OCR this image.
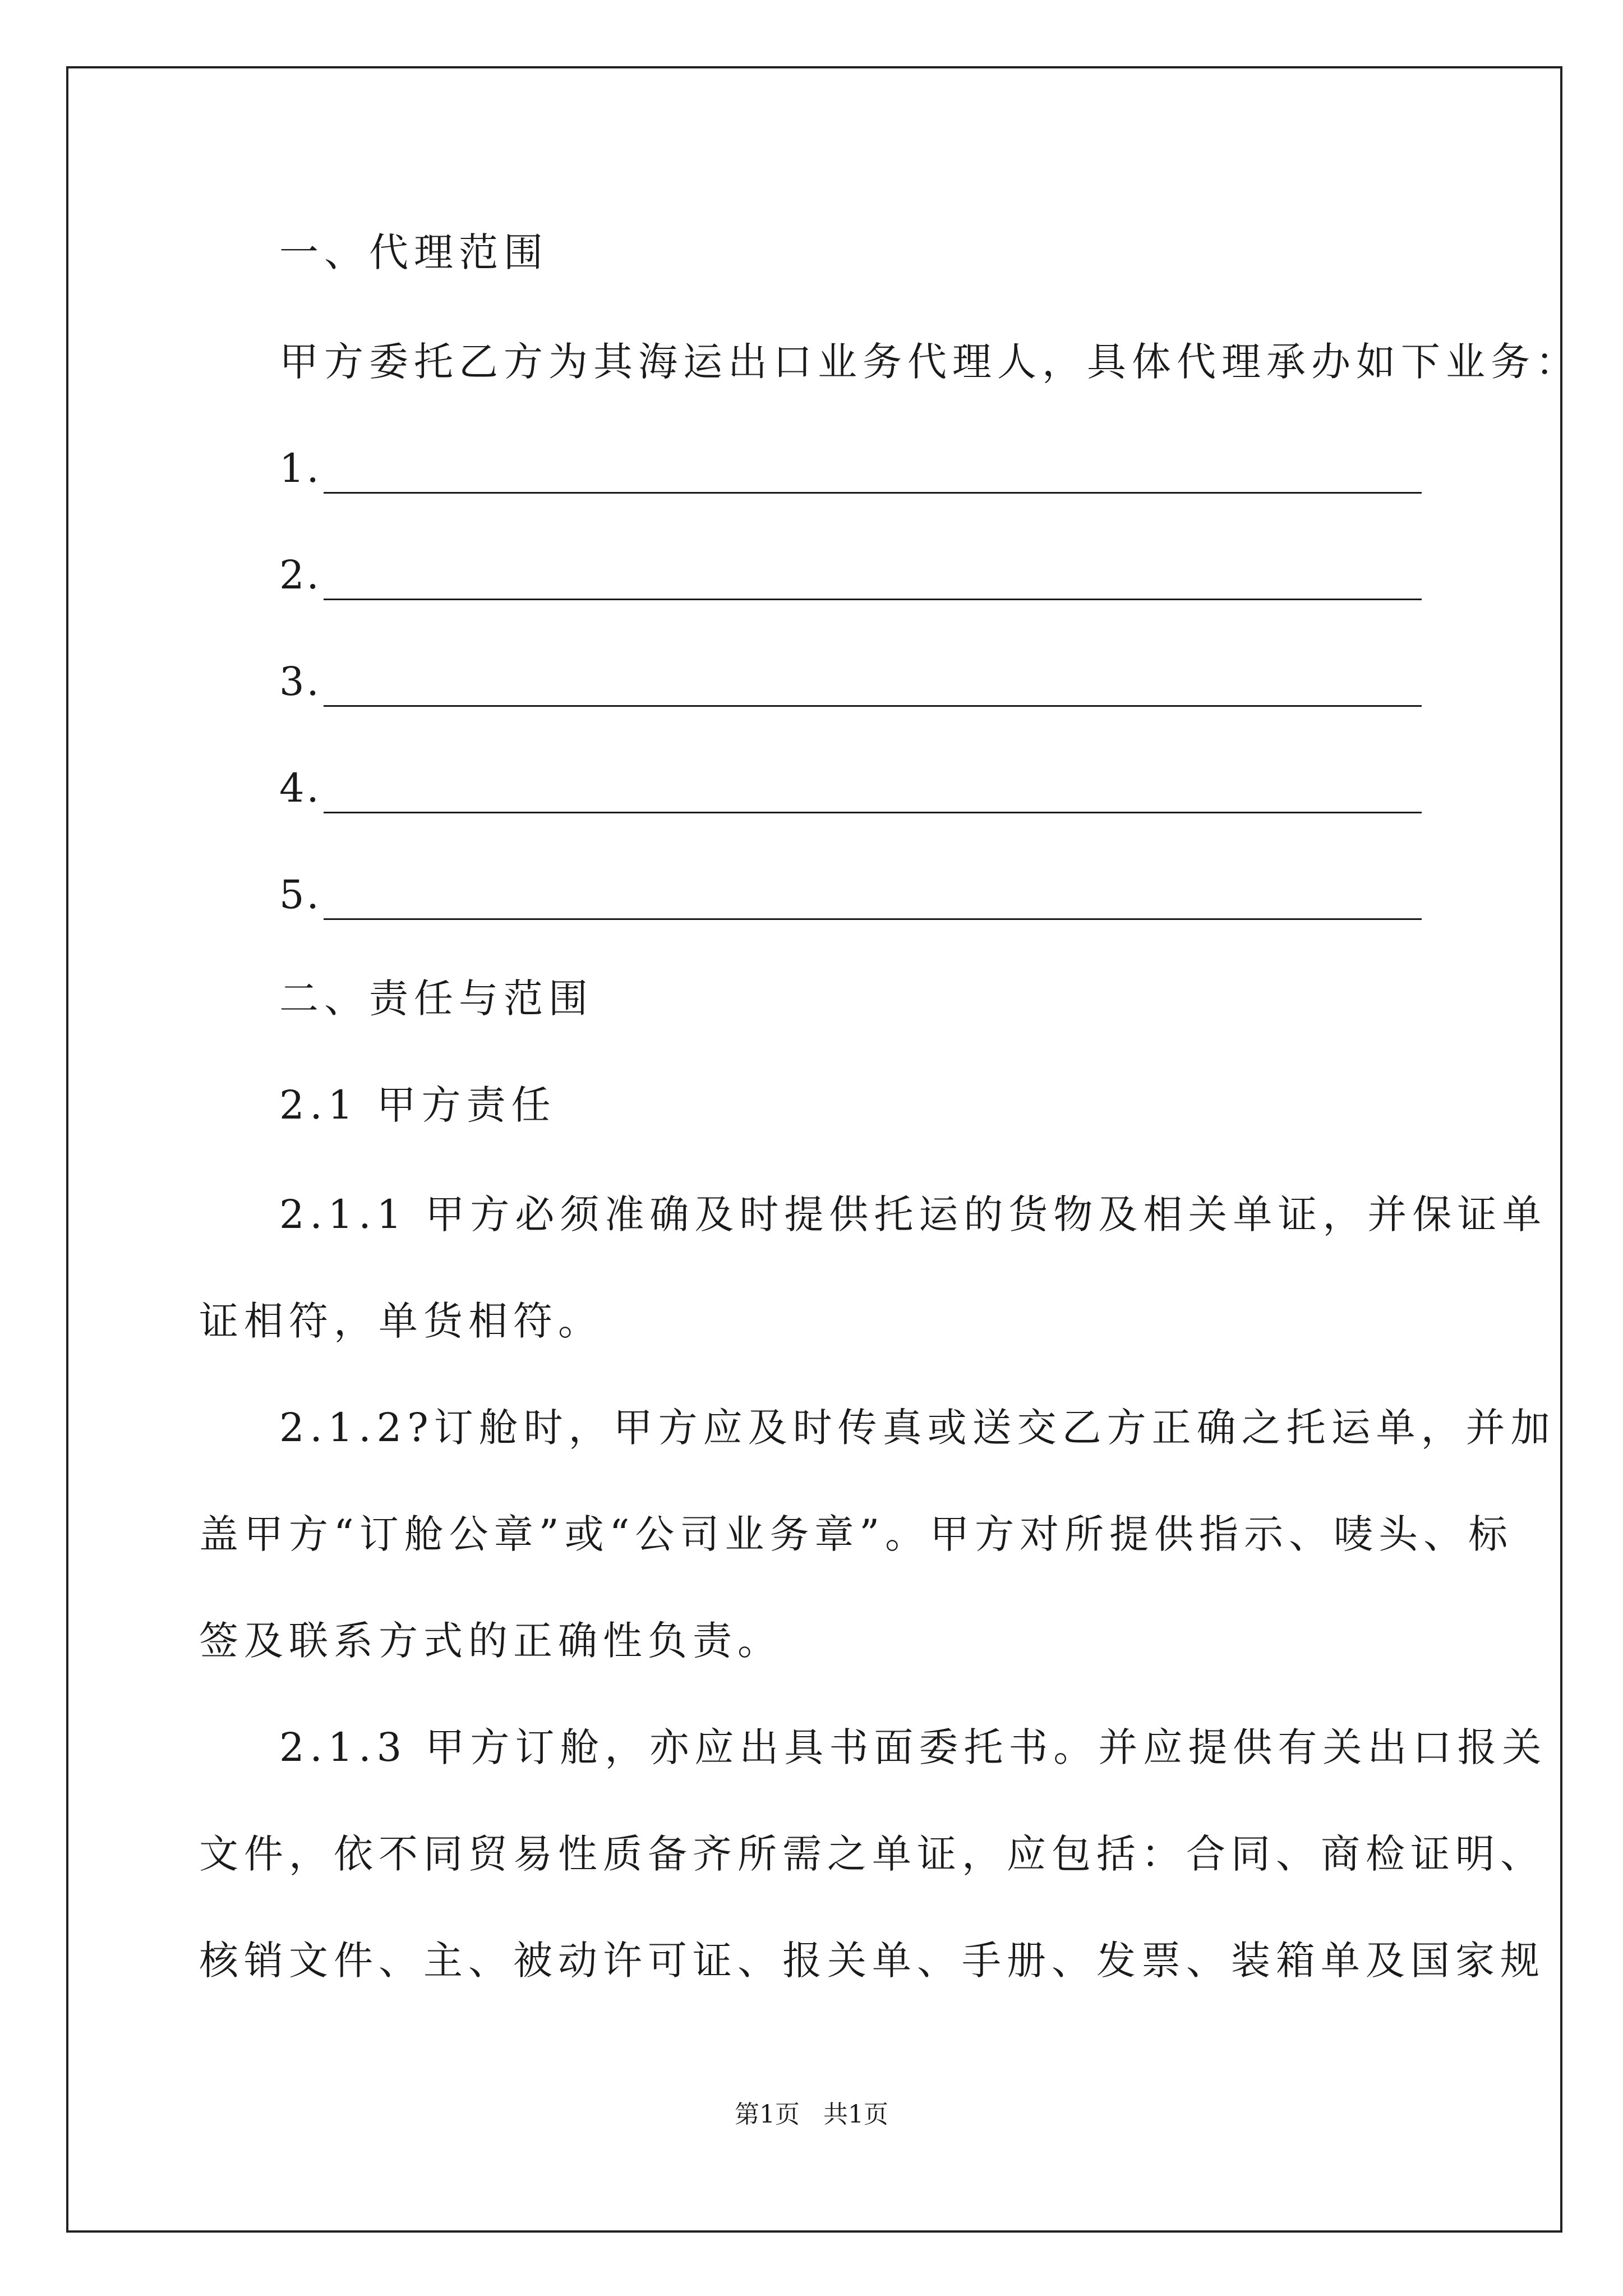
一、代理范围
甲方委托乙方为其海运出口业务代理人，具体代理承办如下业务：
1.
2.
3.
4.
5.
二、责任与范围
2.1 甲方责任
2.1.1 甲方必须准确及时提供托运的货物及相关单证，并保证单
证相符，单货相符。
2.1.2?订舱时，甲方应及时传真或送交乙方正确之托运单，并加
盖甲方“订舱公章”或“公司业务章”。甲方对所提供指示、唛头、标
签及联系方式的正确性负责。
2.1.3 甲方订舱，亦应出具书面委托书。并应提供有关出口报关
文件，依不同贸易性质备齐所需之单证，应包括：合同、商检证明、
核销文件、主、被动许可证、报关单、手册、发票、装箱单及国家规
第1页   共1页
